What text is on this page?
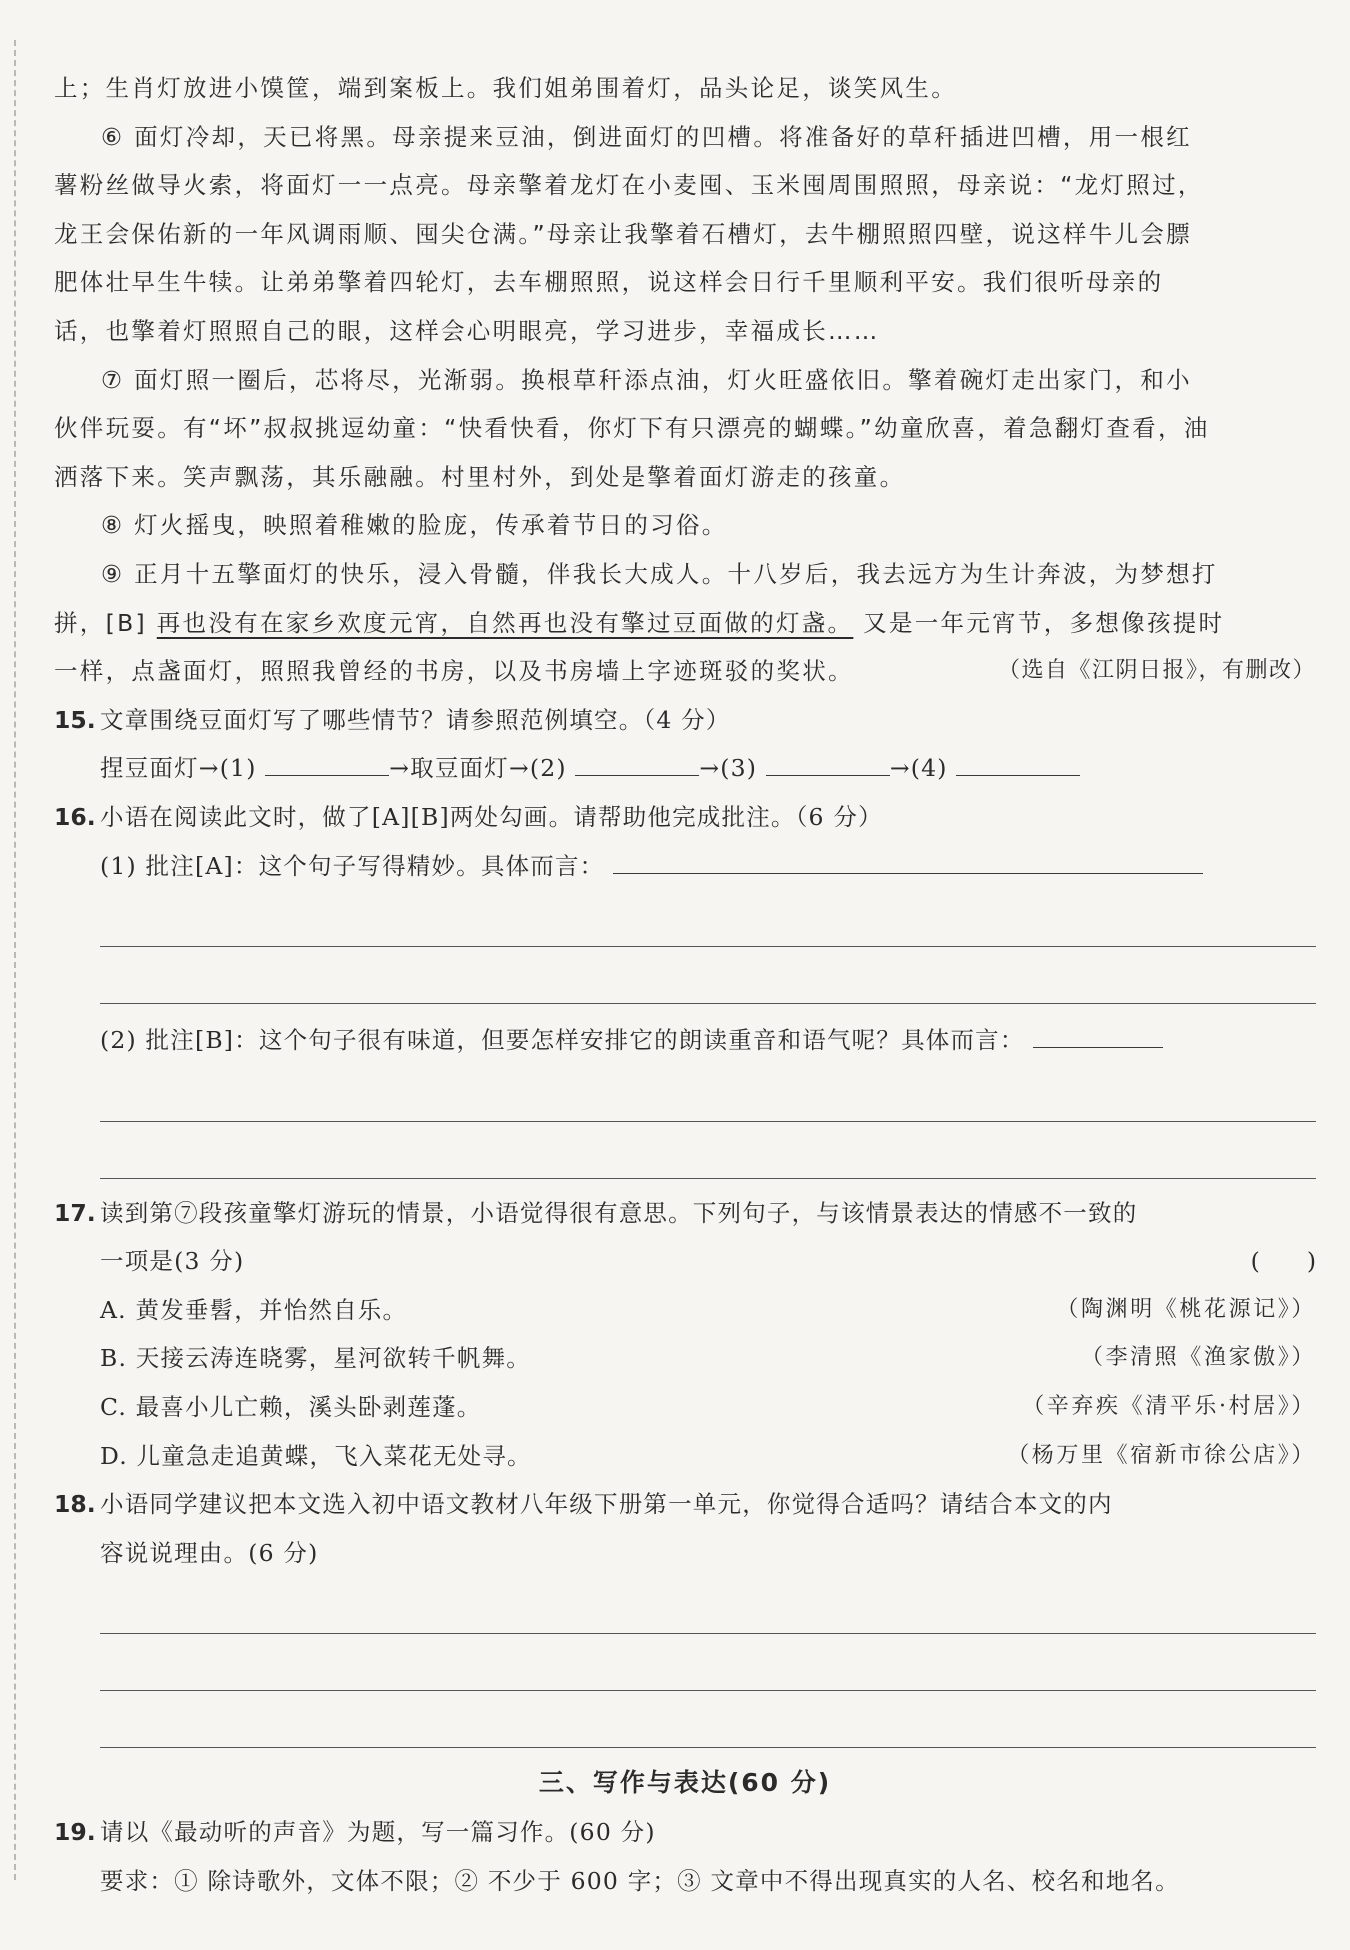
上；生肖灯放进小馍筐，端到案板上。我们姐弟围着灯，品头论足，谈笑风生。

⑥ 面灯冷却，天已将黑。母亲提来豆油，倒进面灯的凹槽。将准备好的草秆插进凹槽，用一根红
薯粉丝做导火索，将面灯一一点亮。母亲擎着龙灯在小麦囤、玉米囤周围照照，母亲说：“龙灯照过，
龙王会保佑新的一年风调雨顺、囤尖仓满。”母亲让我擎着石槽灯，去牛棚照照四壁，说这样牛儿会膘
肥体壮早生牛犊。让弟弟擎着四轮灯，去车棚照照，说这样会日行千里顺利平安。我们很听母亲的
话，也擎着灯照照自己的眼，这样会心明眼亮，学习进步，幸福成长……

⑦ 面灯照一圈后，芯将尽，光渐弱。换根草秆添点油，灯火旺盛依旧。擎着碗灯走出家门，和小
伙伴玩耍。有“坏”叔叔挑逗幼童：“快看快看，你灯下有只漂亮的蝴蝶。”幼童欣喜，着急翻灯查看，油
洒落下来。笑声飘荡，其乐融融。村里村外，到处是擎着面灯游走的孩童。

⑧ 灯火摇曳，映照着稚嫩的脸庞，传承着节日的习俗。

⑨ 正月十五擎面灯的快乐，浸入骨髓，伴我长大成人。十八岁后，我去远方为生计奔波，为梦想打
拼，[B] 再也没有在家乡欢度元宵，自然再也没有擎过豆面做的灯盏。 又是一年元宵节，多想像孩提时
一样，点盏面灯，照照我曾经的书房，以及书房墙上字迹斑驳的奖状。	（选自《江阴日报》，有删改）

15. 文章围绕豆面灯写了哪些情节？请参照范例填空。（4 分）
捏豆面灯→(1)	→取豆面灯→(2)	→(3)	→(4)
16. 小语在阅读此文时，做了[A][B]两处勾画。请帮助他完成批注。（6 分）
(1) 批注[A]：这个句子写得精妙。具体而言：
(2) 批注[B]：这个句子很有味道，但要怎样安排它的朗读重音和语气呢？具体而言：
17. 读到第⑦段孩童擎灯游玩的情景，小语觉得很有意思。下列句子，与该情景表达的情感不一致的
一项是(3 分)	(　　)
A. 黄发垂髫，并怡然自乐。	（陶渊明《桃花源记》）
B. 天接云涛连晓雾，星河欲转千帆舞。	（李清照《渔家傲》）
C. 最喜小儿亡赖，溪头卧剥莲蓬。	（辛弃疾《清平乐·村居》）
D. 儿童急走追黄蝶，飞入菜花无处寻。	（杨万里《宿新市徐公店》）
18. 小语同学建议把本文选入初中语文教材八年级下册第一单元，你觉得合适吗？请结合本文的内
容说说理由。(6 分)
三、写作与表达(60 分)
19. 请以《最动听的声音》为题，写一篇习作。(60 分)
要求：① 除诗歌外，文体不限；② 不少于 600 字；③ 文章中不得出现真实的人名、校名和地名。
